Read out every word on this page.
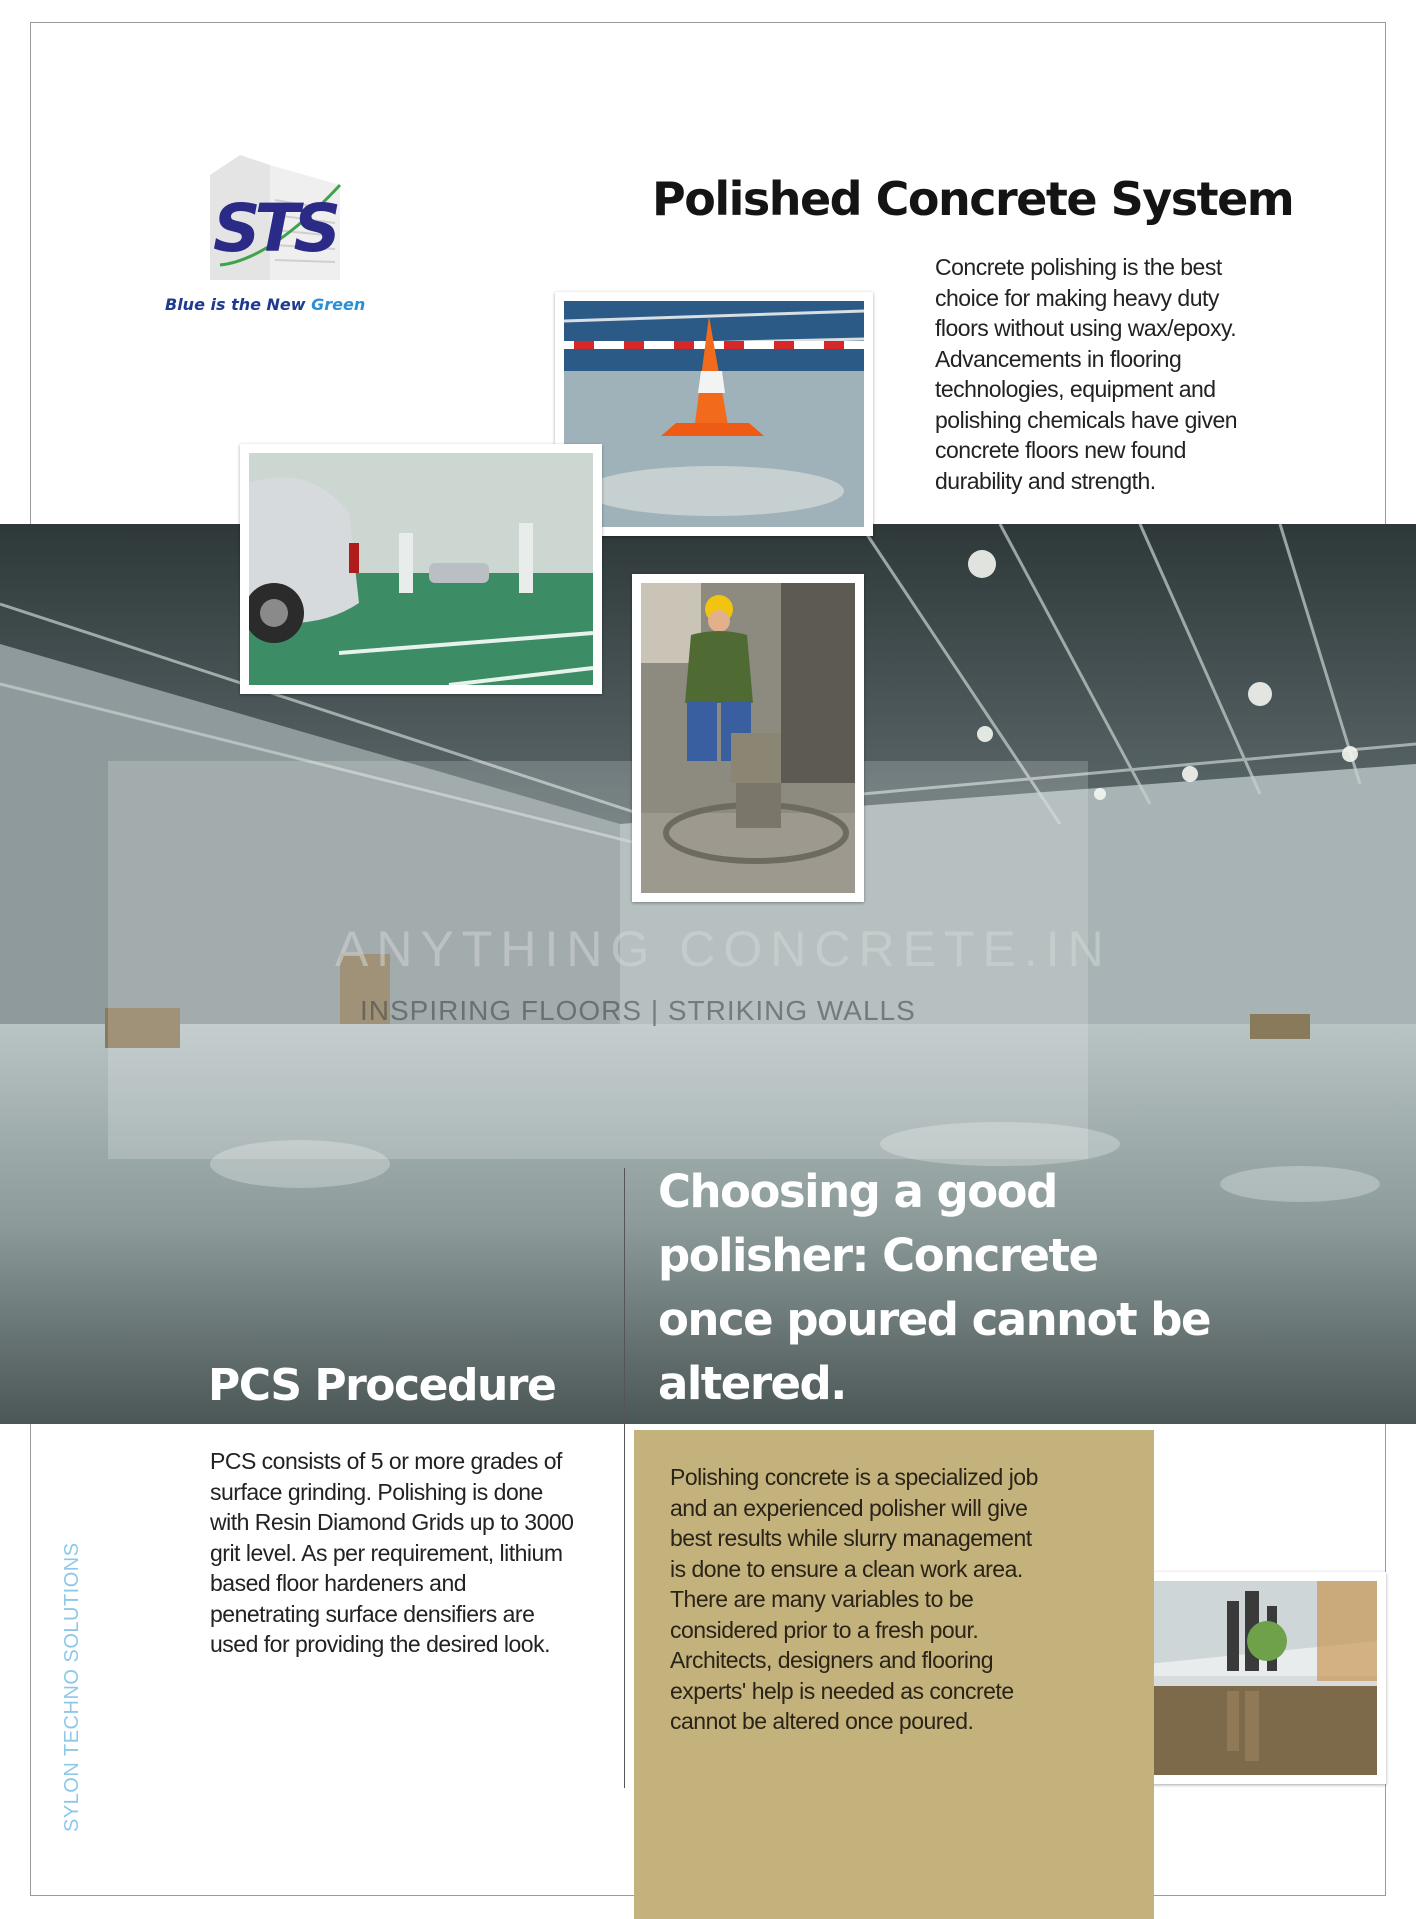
STS
Blue is the New Green
Polished Concrete System

Concrete polishing is the best choice for making heavy duty floors without using wax/epoxy. Advancements in flooring technologies, equipment and polishing chemicals have given concrete floors new found durability and strength.

ANYTHING CONCRETE.IN
INSPIRING FLOORS | STRIKING WALLS
PCS Procedure
Choosing a good polisher: Concrete once poured cannot be altered.

PCS consists of 5 or more grades of surface grinding. Polishing is done with Resin Diamond Grids up to 3000 grit level. As per requirement, lithium based floor hardeners and penetrating surface densifiers are used for providing the desired look.

Polishing concrete is a specialized job and an experienced polisher will give best results while slurry management is done to ensure a clean work area. There are many variables to be considered prior to a fresh pour. Architects, designers and flooring experts' help is needed as concrete cannot be altered once poured.

SYLON TECHNO SOLUTIONS
